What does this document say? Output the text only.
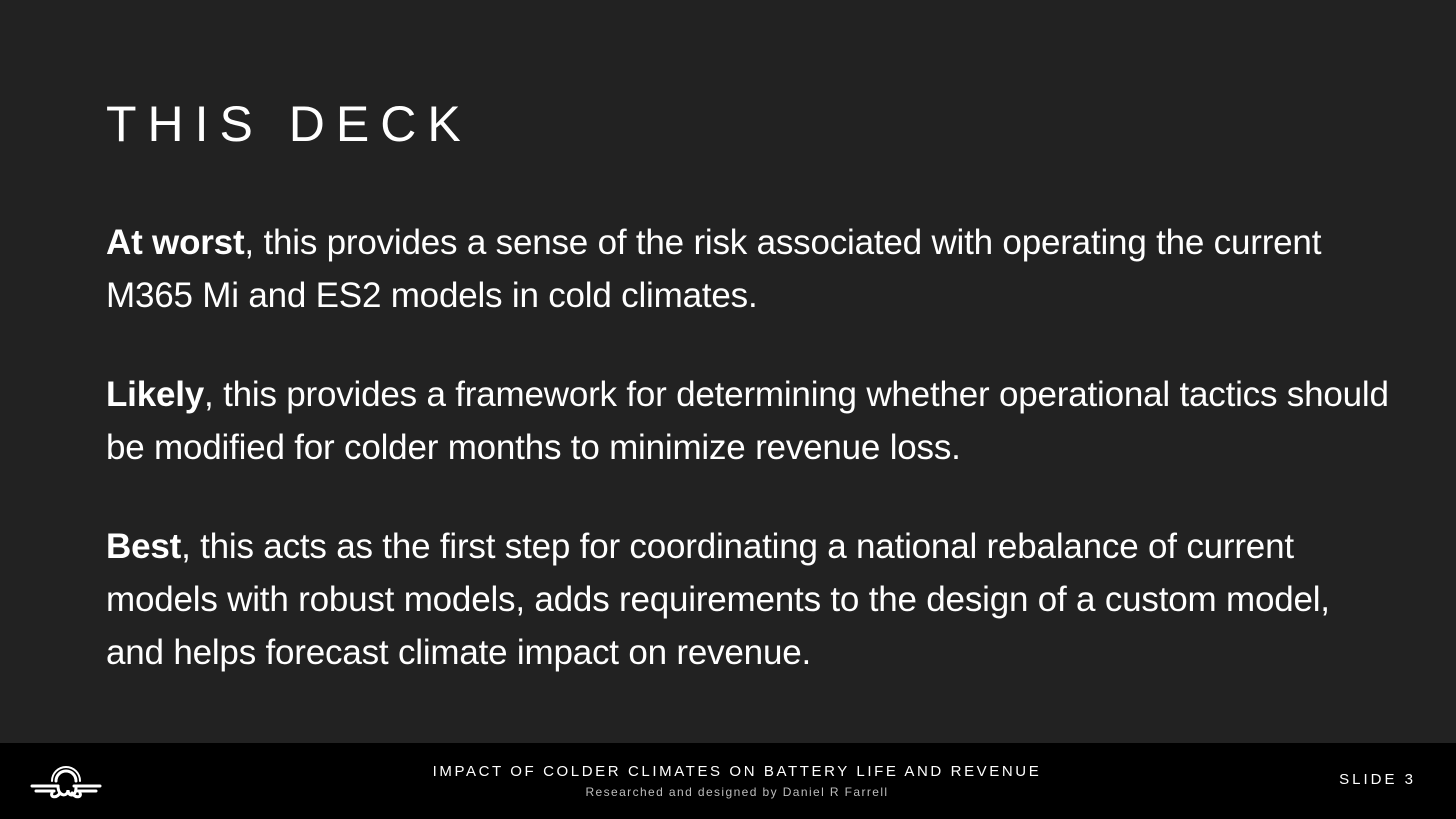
THIS DECK

At worst, this provides a sense of the risk associated with operating the current M365 Mi and ES2 models in cold climates.

Likely, this provides a framework for determining whether operational tactics should be modified for colder months to minimize revenue loss.

Best, this acts as the first step for coordinating a national rebalance of current models with robust models, adds requirements to the design of a custom model, and helps forecast climate impact on revenue.

IMPACT OF COLDER CLIMATES ON BATTERY LIFE AND REVENUE
Researched and designed by Daniel R Farrell
SLIDE 3
